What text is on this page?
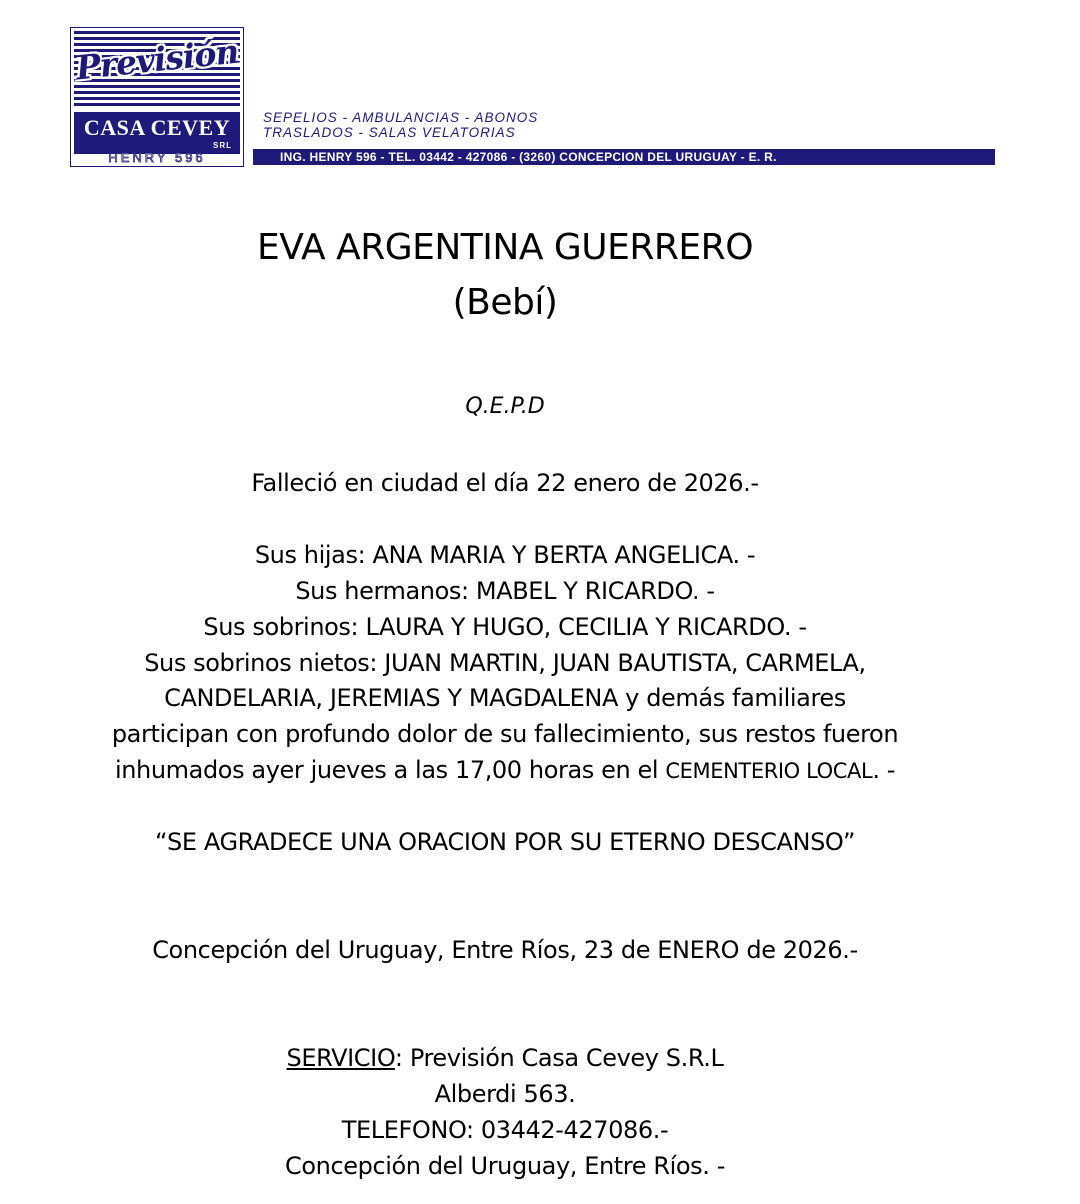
Previsión
CASA CEVEY
SRL
HENRY 596
SEPELIOS - AMBULANCIAS - ABONOS
TRASLADOS - SALAS VELATORIAS
ING. HENRY 596 - TEL. 03442 - 427086 - (3260) CONCEPCION DEL URUGUAY - E. R.
EVA ARGENTINA GUERRERO
(Bebí)
Q.E.P.D
Falleció en ciudad el día 22 enero de 2026.-
Sus hijas: ANA MARIA Y BERTA ANGELICA. -
Sus hermanos: MABEL Y RICARDO. -
Sus sobrinos: LAURA Y HUGO, CECILIA Y RICARDO. -
Sus sobrinos nietos: JUAN MARTIN, JUAN BAUTISTA, CARMELA,
CANDELARIA, JEREMIAS Y MAGDALENA y demás familiares
participan con profundo dolor de su fallecimiento, sus restos fueron
inhumados ayer jueves a las 17,00 horas en el CEMENTERIO LOCAL. -
“SE AGRADECE UNA ORACION POR SU ETERNO DESCANSO”
Concepción del Uruguay, Entre Ríos, 23 de ENERO de 2026.-
SERVICIO: Previsión Casa Cevey S.R.L
Alberdi 563.
TELEFONO: 03442-427086.-
Concepción del Uruguay, Entre Ríos. -
